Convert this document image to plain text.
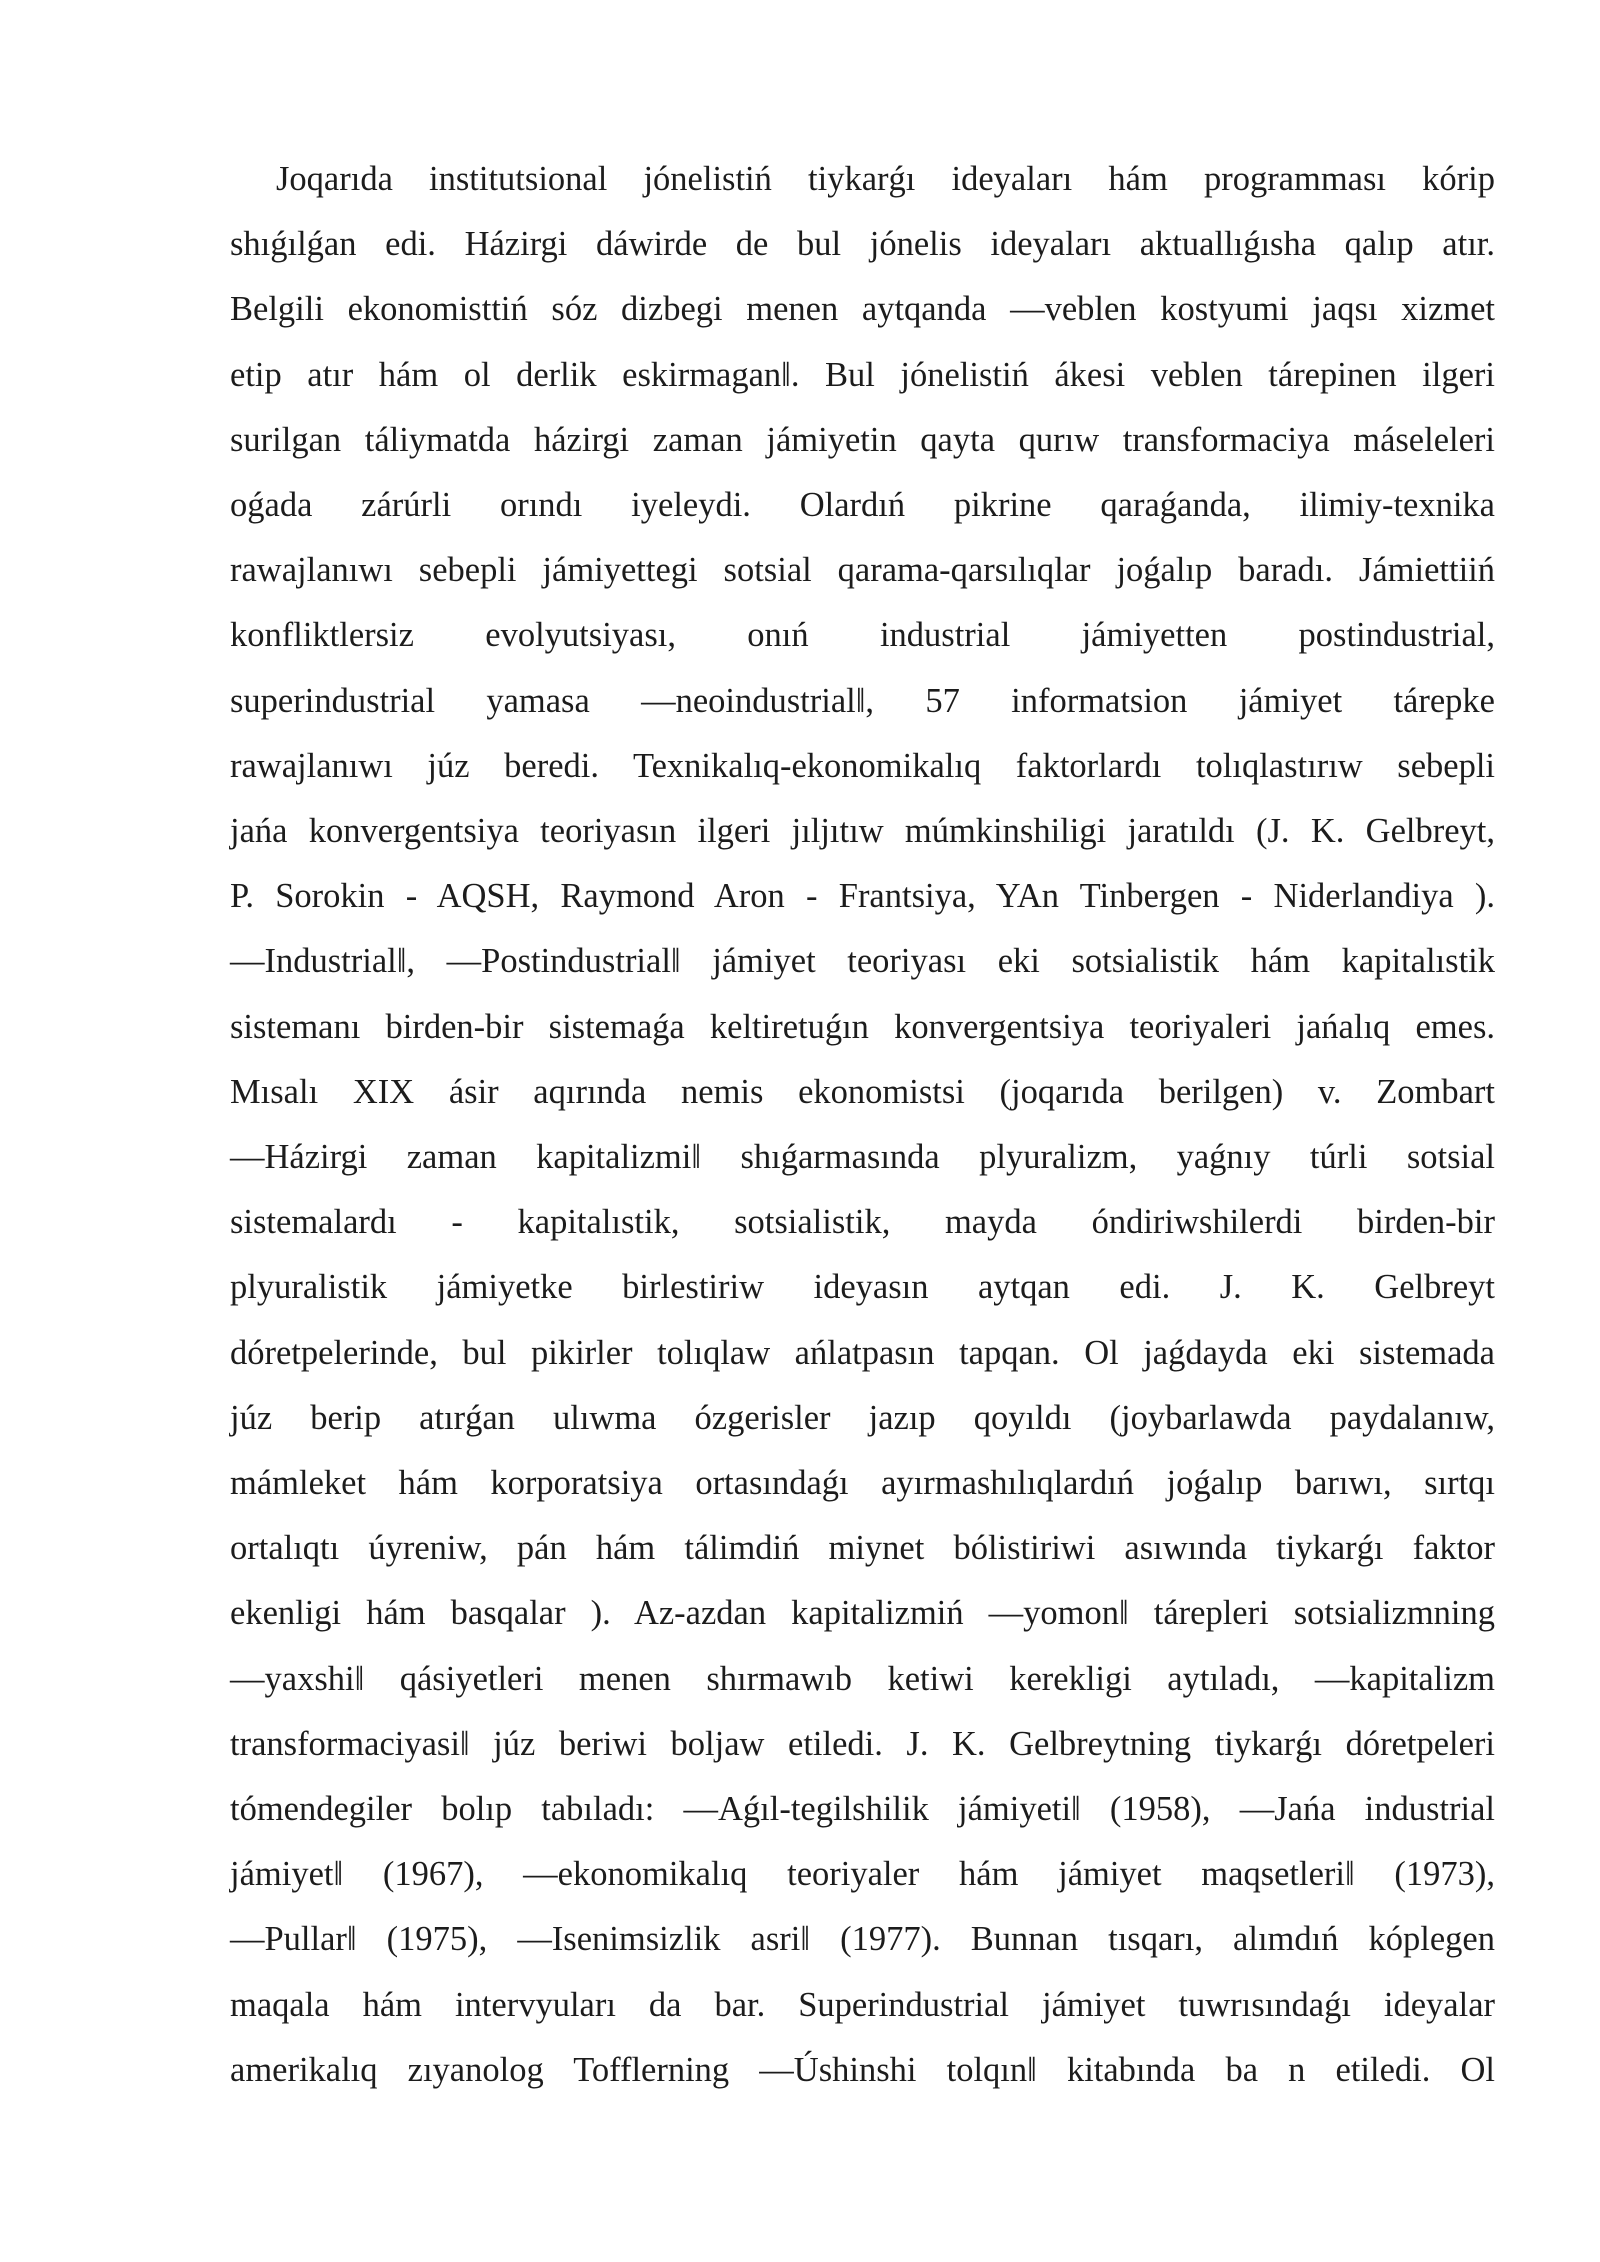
Joqarıda institutsional jónelistiń tiykarǵı ideyaları hám programması kórip
shıǵılǵan edi. Házirgi dáwirde de bul jónelis ideyaları aktuallıǵısha qalıp atır.
Belgili ekonomisttiń sóz dizbegi menen aytqanda ―veblen kostyumi jaqsı xizmet
etip atır hám ol derlik eskirmagan‖. Bul jónelistiń ákesi veblen tárepinen ilgeri
surilgan táliymatda házirgi zaman jámiyetin qayta qurıw transformaciya máseleleri
oǵada zárúrli orındı iyeleydi. Olardıń pikrine qaraǵanda, ilimiy-texnika
rawajlanıwı sebepli jámiyettegi sotsial qarama-qarsılıqlar joǵalıp baradı. Jámiettiiń
konfliktlersiz evolyutsiyası, onıń industrial jámiyetten postindustrial,
superindustrial yamasa ―neoindustrial‖, 57 informatsion jámiyet tárepke
rawajlanıwı júz beredi. Texnikalıq-ekonomikalıq faktorlardı tolıqlastırıw sebepli
jańa konvergentsiya teoriyasın ilgeri jıljıtıw múmkinshiligi jaratıldı (J. K. Gelbreyt,
P. Sorokin - AQSH, Raymond Aron - Frantsiya, YAn Tinbergen - Niderlandiya ).
―Industrial‖, ―Postindustrial‖ jámiyet teoriyası eki sotsialistik hám kapitalıstik
sistemanı birden-bir sistemaǵa keltiretuǵın konvergentsiya teoriyaleri jańalıq emes.
Mısalı XIX ásir aqırında nemis ekonomistsi (joqarıda berilgen) v. Zombart
―Házirgi zaman kapitalizmi‖ shıǵarmasında plyuralizm, yaǵnıy túrli sotsial
sistemalardı - kapitalıstik, sotsialistik, mayda óndiriwshilerdi birden-bir
plyuralistik jámiyetke birlestiriw ideyasın aytqan edi. J. K. Gelbreyt
dóretpelerinde, bul pikirler tolıqlaw ańlatpasın tapqan. Ol jaǵdayda eki sistemada
júz berip atırǵan ulıwma ózgerisler jazıp qoyıldı (joybarlawda paydalanıw,
mámleket hám korporatsiya ortasındaǵı ayırmashılıqlardıń joǵalıp barıwı, sırtqı
ortalıqtı úyreniw, pán hám tálimdiń miynet bólistiriwi asıwında tiykarǵı faktor
ekenligi hám basqalar ). Az-azdan kapitalizmiń ―yomon‖ tárepleri sotsializmning
―yaxshi‖ qásiyetleri menen shırmawıb ketiwi kerekligi aytıladı, ―kapitalizm
transformaciyasi‖ júz beriwi boljaw etiledi. J. K. Gelbreytning tiykarǵı dóretpeleri
tómendegiler bolıp tabıladı: ―Aǵıl-tegilshilik jámiyeti‖ (1958), ―Jańa industrial
jámiyet‖ (1967), ―ekonomikalıq teoriyaler hám jámiyet maqsetleri‖ (1973),
―Pullar‖ (1975), ―Isenimsizlik asri‖ (1977). Bunnan tısqarı, alımdıń kóplegen
maqala hám intervyuları da bar. Superindustrial jámiyet tuwrısındaǵı ideyalar
amerikalıq zıyanolog Tofflerning ―Úshinshi tolqın‖ kitabında ba n etiledi. Ol
